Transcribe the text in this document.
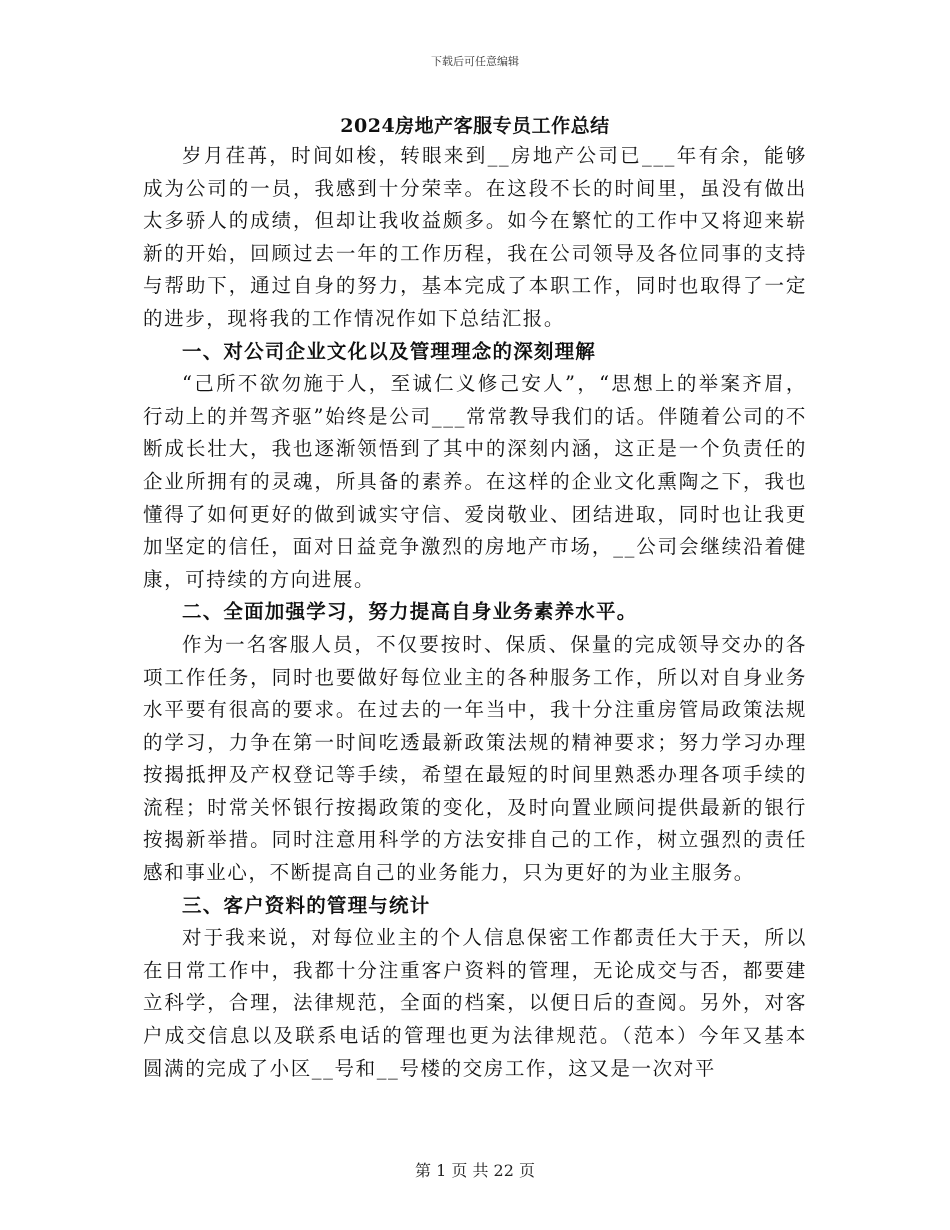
下载后可任意编辑
2024房地产客服专员工作总结

岁月荏苒，时间如梭，转眼来到__房地产公司已___年有余，能够成为公司的一员，我感到十分荣幸。在这段不长的时间里，虽没有做出太多骄人的成绩，但却让我收益颇多。如今在繁忙的工作中又将迎来崭新的开始，回顾过去一年的工作历程，我在公司领导及各位同事的支持与帮助下，通过自身的努力，基本完成了本职工作，同时也取得了一定的进步，现将我的工作情况作如下总结汇报。

一、对公司企业文化以及管理理念的深刻理解

“己所不欲勿施于人，至诚仁义修己安人”，“思想上的举案齐眉，行动上的并驾齐驱”始终是公司___常常教导我们的话。伴随着公司的不断成长壮大，我也逐渐领悟到了其中的深刻内涵，这正是一个负责任的企业所拥有的灵魂，所具备的素养。在这样的企业文化熏陶之下，我也懂得了如何更好的做到诚实守信、爱岗敬业、团结进取，同时也让我更加坚定的信任，面对日益竞争激烈的房地产市场，__公司会继续沿着健康，可持续的方向进展。

二、全面加强学习，努力提高自身业务素养水平。

作为一名客服人员，不仅要按时、保质、保量的完成领导交办的各项工作任务，同时也要做好每位业主的各种服务工作，所以对自身业务水平要有很高的要求。在过去的一年当中，我十分注重房管局政策法规的学习，力争在第一时间吃透最新政策法规的精神要求；努力学习办理按揭抵押及产权登记等手续，希望在最短的时间里熟悉办理各项手续的流程；时常关怀银行按揭政策的变化，及时向置业顾问提供最新的银行按揭新举措。同时注意用科学的方法安排自己的工作，树立强烈的责任感和事业心，不断提高自己的业务能力，只为更好的为业主服务。

三、客户资料的管理与统计

对于我来说，对每位业主的个人信息保密工作都责任大于天，所以在日常工作中，我都十分注重客户资料的管理，无论成交与否，都要建立科学，合理，法律规范，全面的档案，以便日后的查阅。另外，对客户成交信息以及联系电话的管理也更为法律规范。（范本）今年又基本圆满的完成了小区__号和__号楼的交房工作，这又是一次对平

第 1 页 共 22 页
